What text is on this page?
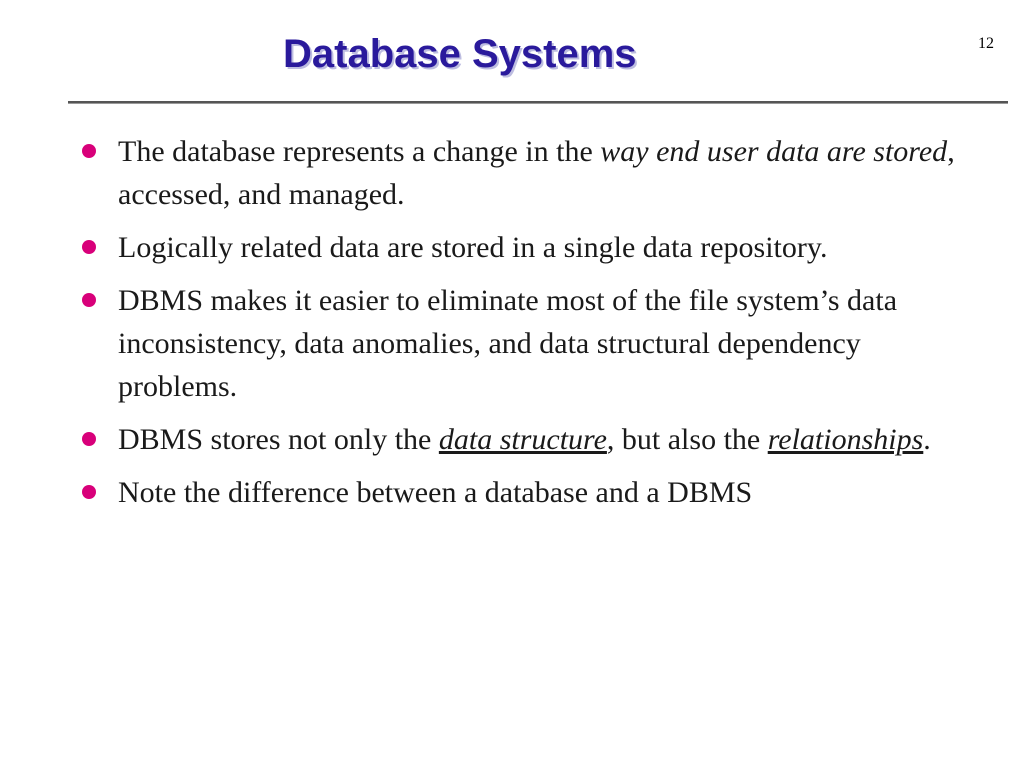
Database Systems	12
The database represents a change in the way end user data are stored, accessed, and managed.
Logically related data are stored in a single data repository.
DBMS makes it easier to eliminate most of the file system’s data inconsistency, data anomalies, and data structural dependency problems.
DBMS stores not only the data structure, but also the relationships.
Note the difference between a database and a DBMS
